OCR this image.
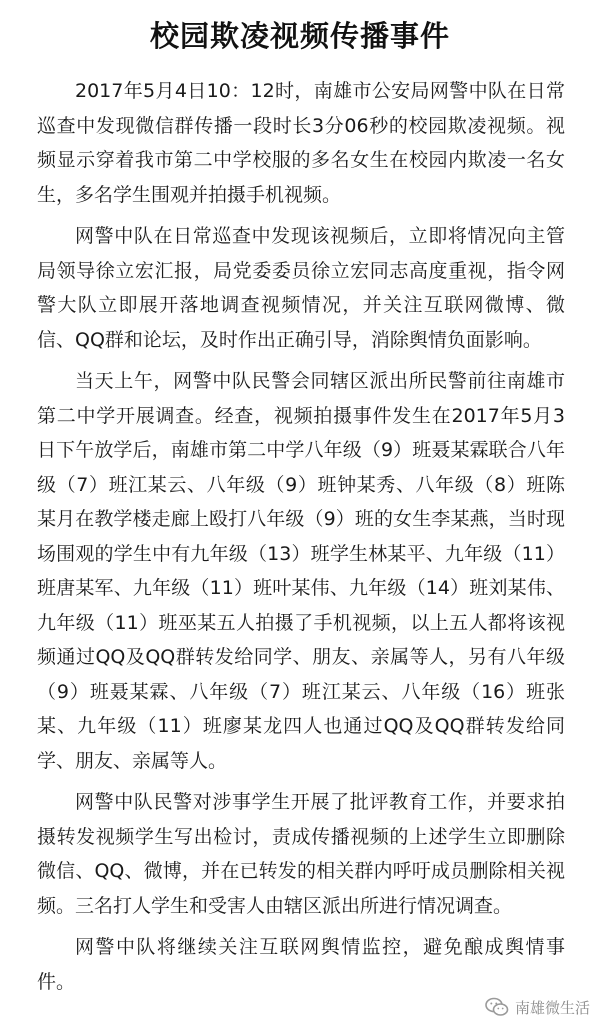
校园欺凌视频传播事件

2017年5月4日10：12时，南雄市公安局网警中队在日常巡查中发现微信群传播一段时长3分06秒的校园欺凌视频。视频显示穿着我市第二中学校服的多名女生在校园内欺凌一名女生，多名学生围观并拍摄手机视频。

网警中队在日常巡查中发现该视频后，立即将情况向主管局领导徐立宏汇报，局党委委员徐立宏同志高度重视，指令网警大队立即展开落地调查视频情况，并关注互联网微博、微信、QQ群和论坛，及时作出正确引导，消除舆情负面影响。

当天上午，网警中队民警会同辖区派出所民警前往南雄市第二中学开展调查。经查，视频拍摄事件发生在2017年5月3日下午放学后，南雄市第二中学八年级（9）班聂某霖联合八年级（7）班江某云、八年级（9）班钟某秀、八年级（8）班陈某月在教学楼走廊上殴打八年级（9）班的女生李某燕，当时现场围观的学生中有九年级（13）班学生林某平、九年级（11）班唐某军、九年级（11）班叶某伟、九年级（14）班刘某伟、九年级（11）班巫某五人拍摄了手机视频，以上五人都将该视频通过QQ及QQ群转发给同学、朋友、亲属等人，另有八年级（9）班聂某霖、八年级（7）班江某云、八年级（16）班张某、九年级（11）班廖某龙四人也通过QQ及QQ群转发给同学、朋友、亲属等人。

网警中队民警对涉事学生开展了批评教育工作，并要求拍摄转发视频学生写出检讨，责成传播视频的上述学生立即删除微信、QQ、微博，并在已转发的相关群内呼吁成员删除相关视频。三名打人学生和受害人由辖区派出所进行情况调查。

网警中队将继续关注互联网舆情监控，避免酿成舆情事件。

南雄微生活
